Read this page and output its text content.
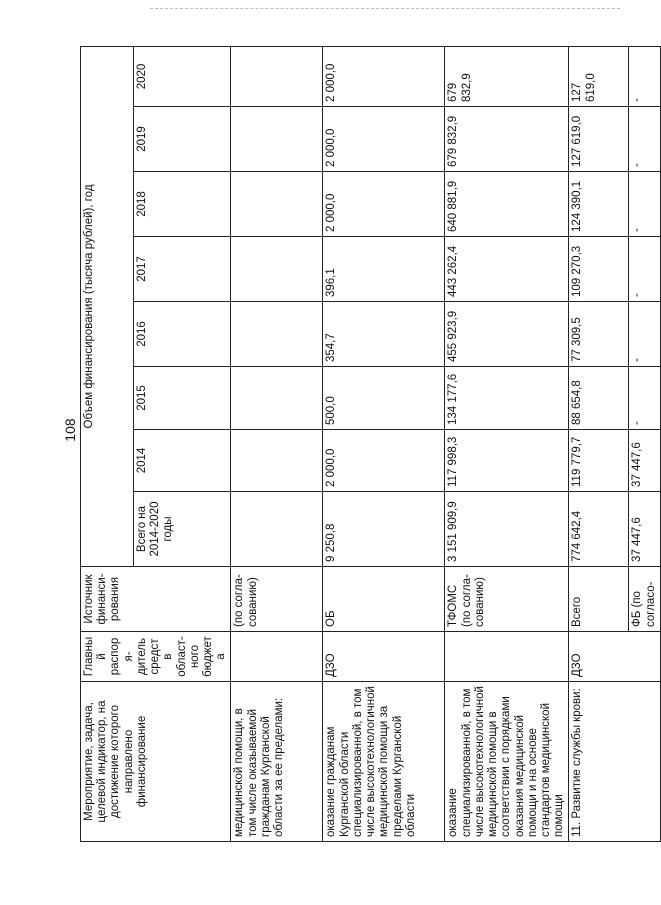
108
Мероприятие, задача, целевой индикатор, на достижение которого направлено финансирование	Главный распоря-дитель средств област-ного бюджета	Источник финанси-рования	Объем финансирования (тысяча рублей), год							
			Всего на 2014-2020 годы	2014	2015	2016	2017	2018	2019	2020
медицинской помощи, в том числе оказываемой гражданам Курганской области за ее пределами:		(по согла-сованию)								
оказание гражданам Курганской области специализированной, в том числе высокотехнологичной медицинской помощи за пределами Курганской области	ДЗО	ОБ	9 250,8	2 000,0	500,0	354,7	396,1	2 000,0	2 000,0	2 000,0
оказание специализированной, в том числе высокотехнологичной медицинской помощи в соответствии с порядками оказания медицинской помощи и на основе стандартов медицинской помощи		ТФОМС (по согла-сованию)	3 151 909,9	117 998,3	134 177,6	455 923,9	443 262,4	640 881,9	679 832,9	679 832,9
11. Развитие службы крови:	ДЗО	Всего	774 642,4	119 779,7	88 654,8	77 309,5	109 270,3	124 390,1	127 619,0	127 619,0
		ФБ (по согласо-	37 447,6	37 447,6	-	-	-	-	-	-
